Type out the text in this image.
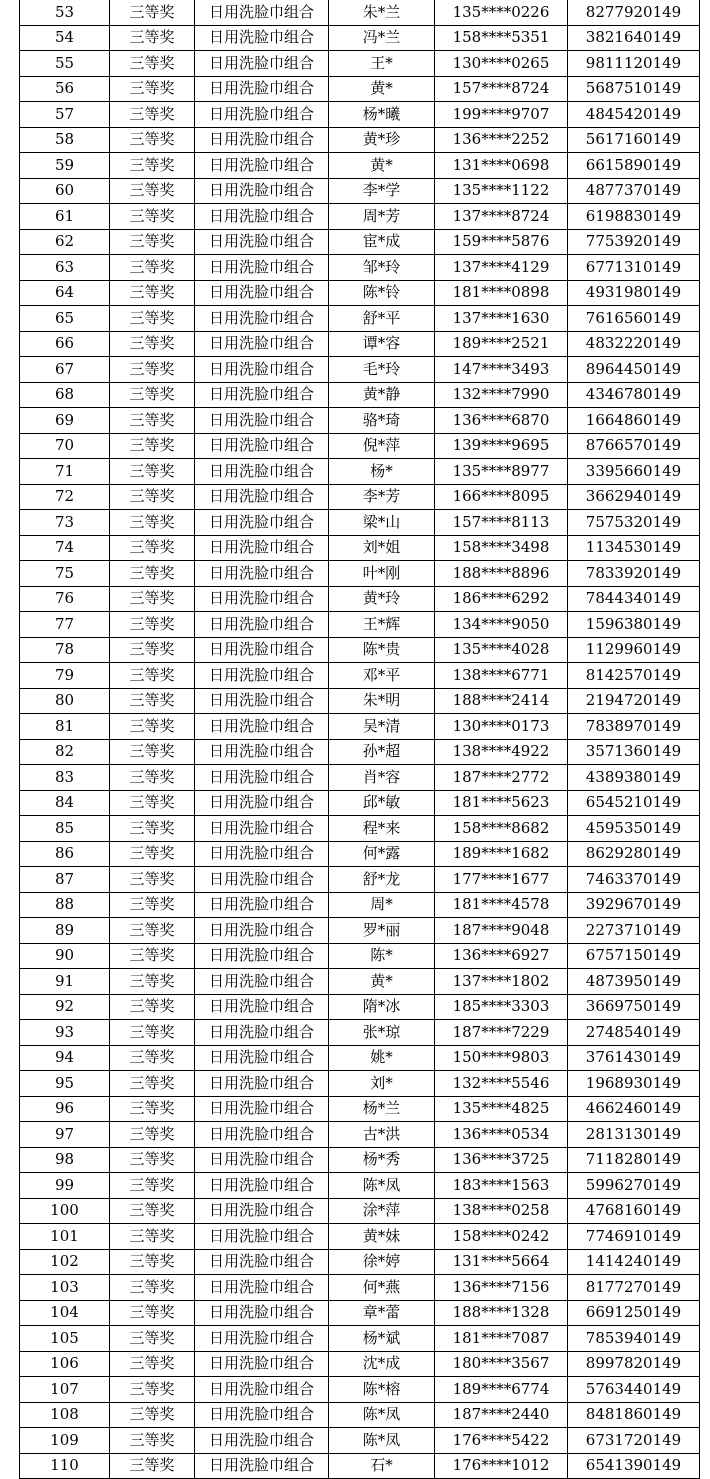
53	三等奖	日用洗脸巾组合	朱*兰	135****0226	8277920149
54	三等奖	日用洗脸巾组合	冯*兰	158****5351	3821640149
55	三等奖	日用洗脸巾组合	王*	130****0265	9811120149
56	三等奖	日用洗脸巾组合	黄*	157****8724	5687510149
57	三等奖	日用洗脸巾组合	杨*曦	199****9707	4845420149
58	三等奖	日用洗脸巾组合	黄*珍	136****2252	5617160149
59	三等奖	日用洗脸巾组合	黄*	131****0698	6615890149
60	三等奖	日用洗脸巾组合	李*学	135****1122	4877370149
61	三等奖	日用洗脸巾组合	周*芳	137****8724	6198830149
62	三等奖	日用洗脸巾组合	宦*成	159****5876	7753920149
63	三等奖	日用洗脸巾组合	邹*玲	137****4129	6771310149
64	三等奖	日用洗脸巾组合	陈*铃	181****0898	4931980149
65	三等奖	日用洗脸巾组合	舒*平	137****1630	7616560149
66	三等奖	日用洗脸巾组合	谭*容	189****2521	4832220149
67	三等奖	日用洗脸巾组合	毛*玲	147****3493	8964450149
68	三等奖	日用洗脸巾组合	黄*静	132****7990	4346780149
69	三等奖	日用洗脸巾组合	骆*琦	136****6870	1664860149
70	三等奖	日用洗脸巾组合	倪*萍	139****9695	8766570149
71	三等奖	日用洗脸巾组合	杨*	135****8977	3395660149
72	三等奖	日用洗脸巾组合	李*芳	166****8095	3662940149
73	三等奖	日用洗脸巾组合	梁*山	157****8113	7575320149
74	三等奖	日用洗脸巾组合	刘*姐	158****3498	1134530149
75	三等奖	日用洗脸巾组合	叶*刚	188****8896	7833920149
76	三等奖	日用洗脸巾组合	黄*玲	186****6292	7844340149
77	三等奖	日用洗脸巾组合	王*辉	134****9050	1596380149
78	三等奖	日用洗脸巾组合	陈*贵	135****4028	1129960149
79	三等奖	日用洗脸巾组合	邓*平	138****6771	8142570149
80	三等奖	日用洗脸巾组合	朱*明	188****2414	2194720149
81	三等奖	日用洗脸巾组合	吴*清	130****0173	7838970149
82	三等奖	日用洗脸巾组合	孙*超	138****4922	3571360149
83	三等奖	日用洗脸巾组合	肖*容	187****2772	4389380149
84	三等奖	日用洗脸巾组合	邱*敏	181****5623	6545210149
85	三等奖	日用洗脸巾组合	程*来	158****8682	4595350149
86	三等奖	日用洗脸巾组合	何*露	189****1682	8629280149
87	三等奖	日用洗脸巾组合	舒*龙	177****1677	7463370149
88	三等奖	日用洗脸巾组合	周*	181****4578	3929670149
89	三等奖	日用洗脸巾组合	罗*丽	187****9048	2273710149
90	三等奖	日用洗脸巾组合	陈*	136****6927	6757150149
91	三等奖	日用洗脸巾组合	黄*	137****1802	4873950149
92	三等奖	日用洗脸巾组合	隋*冰	185****3303	3669750149
93	三等奖	日用洗脸巾组合	张*琼	187****7229	2748540149
94	三等奖	日用洗脸巾组合	姚*	150****9803	3761430149
95	三等奖	日用洗脸巾组合	刘*	132****5546	1968930149
96	三等奖	日用洗脸巾组合	杨*兰	135****4825	4662460149
97	三等奖	日用洗脸巾组合	古*洪	136****0534	2813130149
98	三等奖	日用洗脸巾组合	杨*秀	136****3725	7118280149
99	三等奖	日用洗脸巾组合	陈*凤	183****1563	5996270149
100	三等奖	日用洗脸巾组合	涂*萍	138****0258	4768160149
101	三等奖	日用洗脸巾组合	黄*妹	158****0242	7746910149
102	三等奖	日用洗脸巾组合	徐*婷	131****5664	1414240149
103	三等奖	日用洗脸巾组合	何*燕	136****7156	8177270149
104	三等奖	日用洗脸巾组合	章*蕾	188****1328	6691250149
105	三等奖	日用洗脸巾组合	杨*斌	181****7087	7853940149
106	三等奖	日用洗脸巾组合	沈*成	180****3567	8997820149
107	三等奖	日用洗脸巾组合	陈*榕	189****6774	5763440149
108	三等奖	日用洗脸巾组合	陈*凤	187****2440	8481860149
109	三等奖	日用洗脸巾组合	陈*凤	176****5422	6731720149
110	三等奖	日用洗脸巾组合	石*	176****1012	6541390149
